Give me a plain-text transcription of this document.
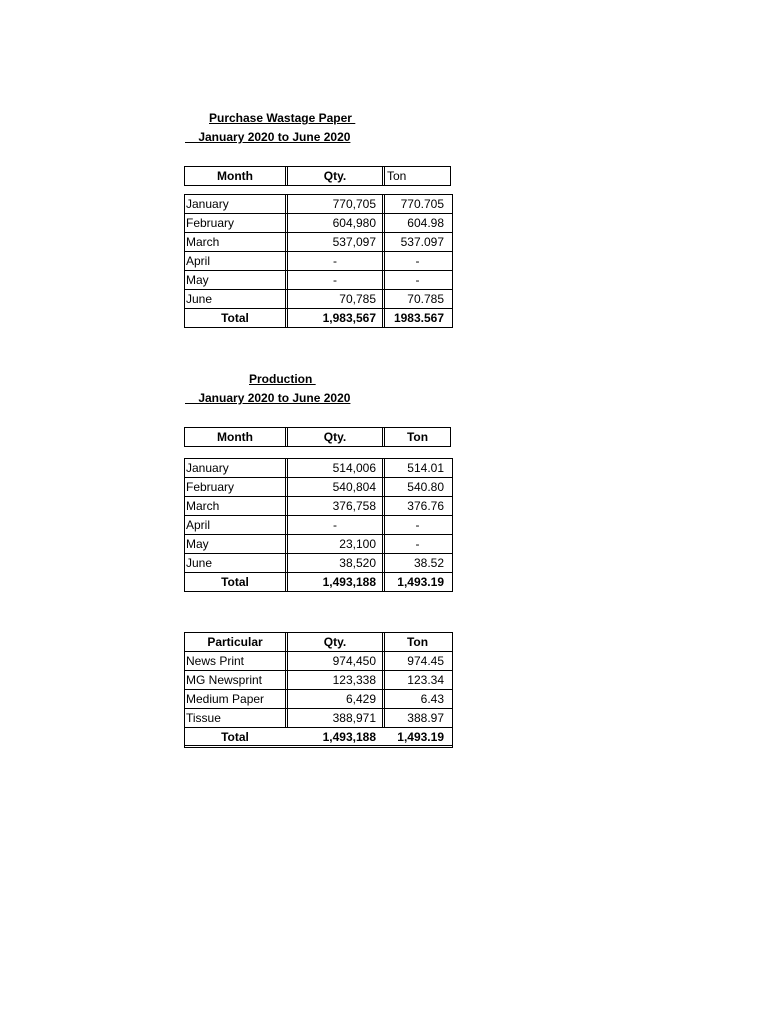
Purchase Wastage Paper
January 2020 to June 2020
Month	Qty.	Ton
January	770,705	770.705
February	604,980	604.98
March	537,097	537.097
April	-	-
May	-	-
June	70,785	70.785
Total	1,983,567	1983.567
Production
January 2020 to June 2020
Month	Qty.	Ton
January	514,006	514.01
February	540,804	540.80
March	376,758	376.76
April	-	-
May	23,100	-
June	38,520	38.52
Total	1,493,188	1,493.19
Particular	Qty.	Ton
News Print	974,450	974.45
MG Newsprint	123,338	123.34
Medium Paper	6,429	6.43
Tissue	388,971	388.97
Total	1,493,188	1,493.19
